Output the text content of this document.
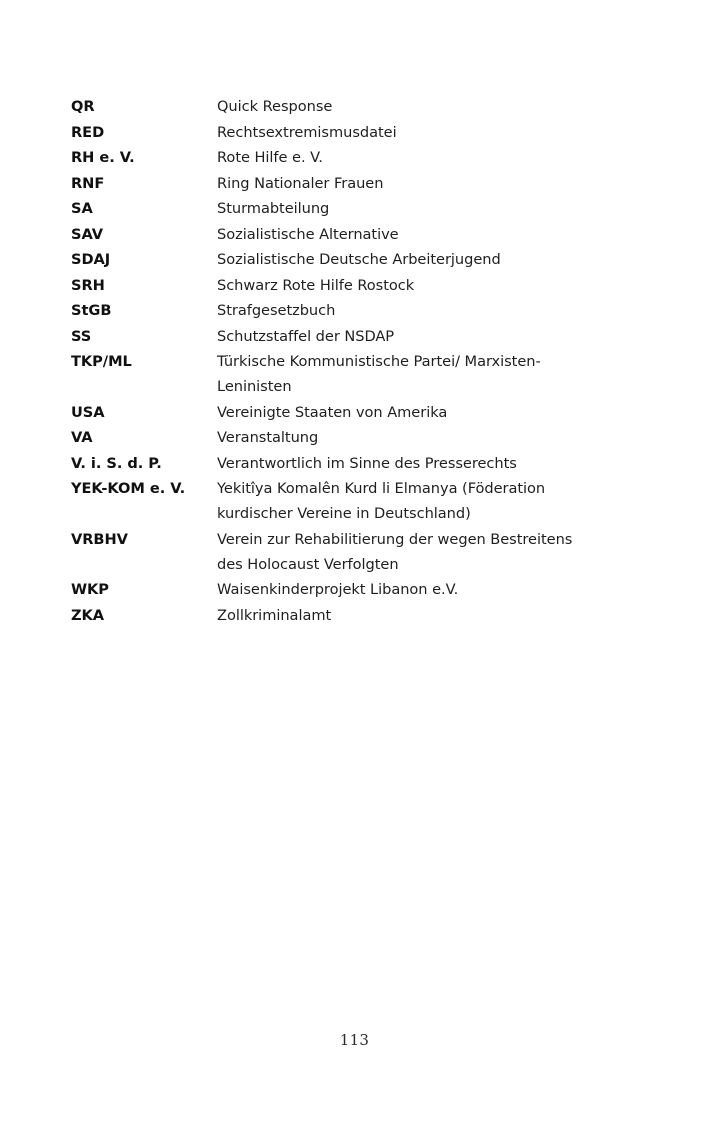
QR	Quick Response
RED	Rechtsextremismusdatei
RH e. V.	Rote Hilfe e. V.
RNF	Ring Nationaler Frauen
SA	Sturmabteilung
SAV	Sozialistische Alternative
SDAJ	Sozialistische Deutsche Arbeiterjugend
SRH	Schwarz Rote Hilfe Rostock
StGB	Strafgesetzbuch
SS	Schutzstaffel der NSDAP
TKP/ML	Türkische Kommunistische Partei/ Marxisten-
Leninisten
USA	Vereinigte Staaten von Amerika
VA	Veranstaltung
V. i. S. d. P.	Verantwortlich im Sinne des Presserechts
YEK-KOM e. V.	Yekitîya Komalên Kurd li Elmanya (Föderation
kurdischer Vereine in Deutschland)
VRBHV	Verein zur Rehabilitierung der wegen Bestreitens
des Holocaust Verfolgten
WKP	Waisenkinderprojekt Libanon e.V.
ZKA	Zollkriminalamt
113
